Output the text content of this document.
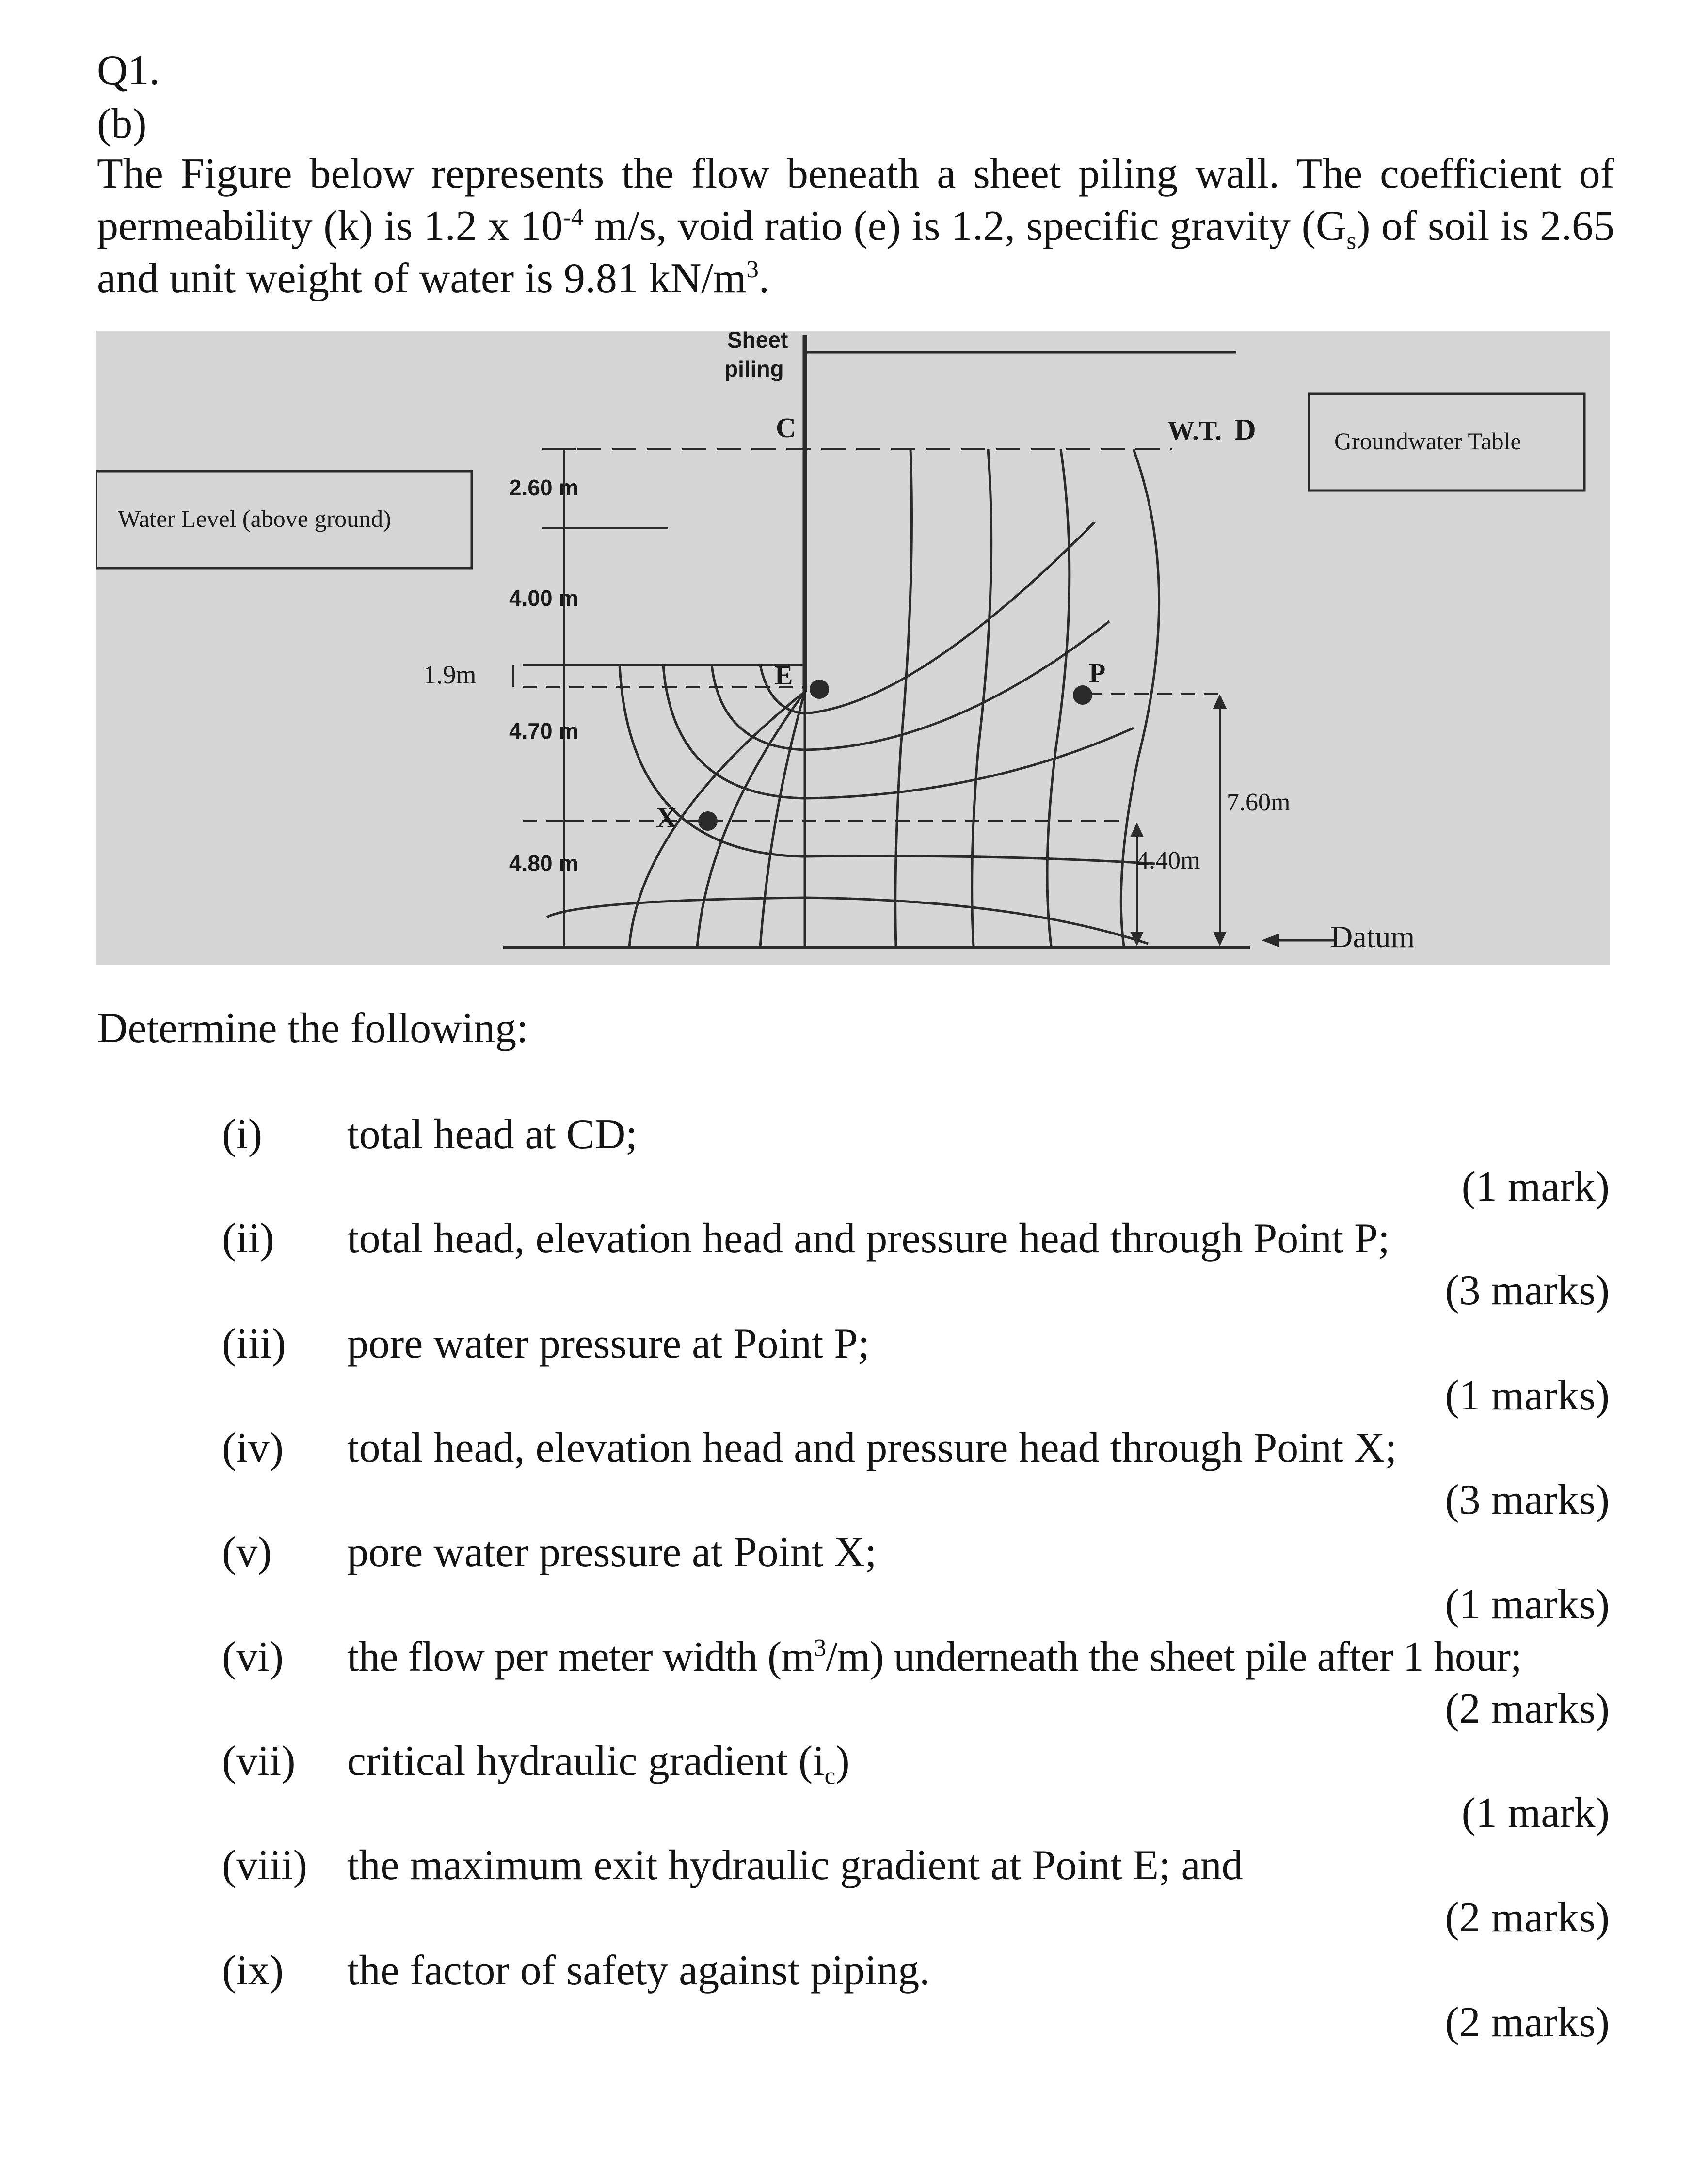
Q1.
(b)
The Figure below represents the flow beneath a sheet piling wall. The coefficient of permeability (k) is 1.2 x $10^{-4}$ m/s, void ratio (e) is 1.2, specific gravity $(G_s)$ of soil is 2.65 and unit weight of water is 9.81 $kN/m^3$.
Sheet
piling
2.60 m
4.00 m
4.70 m
4.80 m
C	W.T. D	Groundwater Table
Water Level (above ground)
1.9m	E	P
X	7.60m
4.40m
Datum
Determine the following:
(i) total head at CD;
(1 mark)
(ii) total head, elevation head and pressure head through Point P;
(3 marks)
(iii) pore water pressure at Point P;
(1 marks)
(iv) total head, elevation head and pressure head through Point X;
(3 marks)
(v) pore water pressure at Point X;
(1 marks)
(vi) the flow per meter width $(m^3/m)$ underneath the sheet pile after 1 hour;
(2 marks)
(vii) critical hydraulic gradient $(i_c)$
(1 mark)
(viii) the maximum exit hydraulic gradient at Point E; and
(2 marks)
(ix) the factor of safety against piping.
(2 marks)
